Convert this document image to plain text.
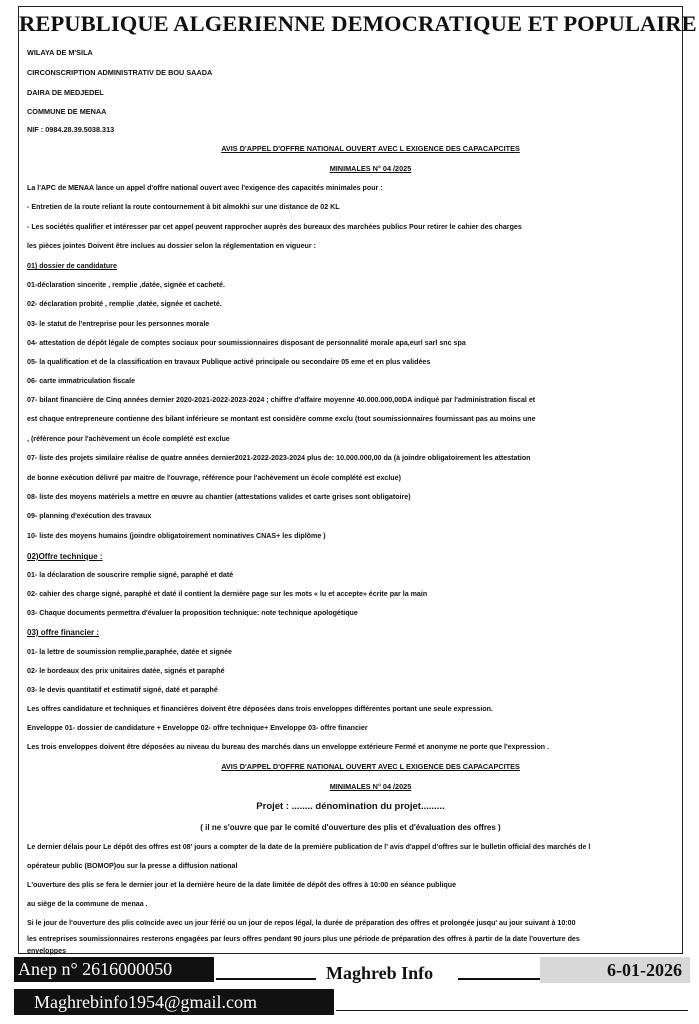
REPUBLIQUE ALGERIENNE DEMOCRATIQUE ET POPULAIRE
WILAYA DE M'SILA
CIRCONSCRIPTION ADMINISTRATIV DE BOU SAADA
DAIRA DE MEDJEDEL
COMMUNE DE MENAA
NIF : 0984.28.39.5038.313
AVIS D'APPEL D'OFFRE NATIONAL OUVERT AVEC L EXIGENCE DES CAPACAPCITES
MINIMALES N° 04 /2025
La l'APC de MENAA lance un appel d'offre national ouvert avec l'exigence des capacités minimales pour :
- Entretien de la route reliant la route contournement à bit almokhi sur une distance de 02 KL
- Les sociétés qualifier et intéresser par cet appel peuvent rapprocher auprès des bureaux des marchées publics Pour retirer le cahier des charges
les pièces jointes Doivent être inclues au dossier selon la réglementation en vigueur :
01) dossier de candidature
01-déclaration sincerite , remplie ,datée, signée et cacheté.
02- déclaration probité , remplie ,datée, signée et cacheté.
03- le statut de l'entreprise pour les personnes morale
04- attestation de dépôt légale de comptes sociaux pour soumissionnaires disposant de personnalité morale apa,eurl sarl snc spa
05- la qualification et de la classification en travaux Publique activé principale ou secondaire 05 eme et en plus validées
06- carte immatriculation fiscale
07- bilant financière de Cinq années dernier 2020-2021-2022-2023-2024 ; chiffre d'affaire moyenne 40.000.000,00DA indiqué par l'administration fiscal et
est chaque entrepreneure contienne des bilant inférieure se montant est considère comme exclu (tout soumissionnaires fournissant pas au moins une
, (référence pour l'achèvement un école complété est exclue
07- liste des projets similaire réalise de quatre années dernier2021-2022-2023-2024 plus de: 10.000.000,00 da (à joindre obligatoirement les attestation
de bonne exécution délivré par maitre de l'ouvrage, référence pour l'achèvement un école complété est exclue)
08- liste des moyens matériels a mettre en œuvre au chantier (attestations valides et carte grises sont obligatoire)
09- planning d'exécution des travaux
10- liste des moyens humains (joindre obligatoirement nominatives CNAS+ les diplôme )
02)Offre technique :
01- la déclaration de souscrire remplie signé, paraphé et daté
02- cahier des charge signé, paraphé et daté il contient la dernière page sur les mots « lu et accepte» écrite par la main
03- Chaque documents permettra d'évaluer la proposition technique: note technique apologétique
03) offre financier :
01- la lettre de soumission remplie,paraphée, datée et signée
02- le bordeaux des prix unitaires datée, signés et paraphé
03- le devis quantitatif et estimatif signé, daté et paraphé
Les offres candidature et techniques et financières doivent être déposées dans trois enveloppes différentes portant une seule expression.
Enveloppe 01- dossier de candidature + Enveloppe 02- offre technique+ Enveloppe 03- offre financier
Les trois enveloppes doivent être déposées au niveau du bureau des marchés dans un enveloppe extérieure Fermé et anonyme ne porte que l'expression .
AVIS D'APPEL D'OFFRE NATIONAL OUVERT AVEC L EXIGENCE DES CAPACAPCITES
MINIMALES N° 04 /2025
Projet : ........ dénomination du projet.........
( il ne s'ouvre que par le comité d'ouverture des plis et d'évaluation des offres )
Le dernier délais pour Le dépôt des offres est 08' jours a compter de la date de la première publication de l' avis d'appel d'offres sur le bulletin official des marchés de l
opérateur public (BOMOP)ou sur la presse a diffusion national
L'ouverture des plis se fera le dernier jour et la dernière heure de la date limitée de dépôt des offres à 10:00 en séance publique
au siège de la commune de menaa .
Si le jour de l'ouverture des plis coïncide avec un jour férié ou un jour de repos légal, la durée de préparation des offres et prolongée jusqu' au jour suivant à 10:00
les entreprises soumissionnaires resterons engagées par leurs offres pendant 90 jours plus une période de préparation des offres à partir de la date l'ouverture des
enveloppes
Anep n° 2616000050	Maghreb Info	6-01-2026
Maghrebinfo1954@gmail.com
